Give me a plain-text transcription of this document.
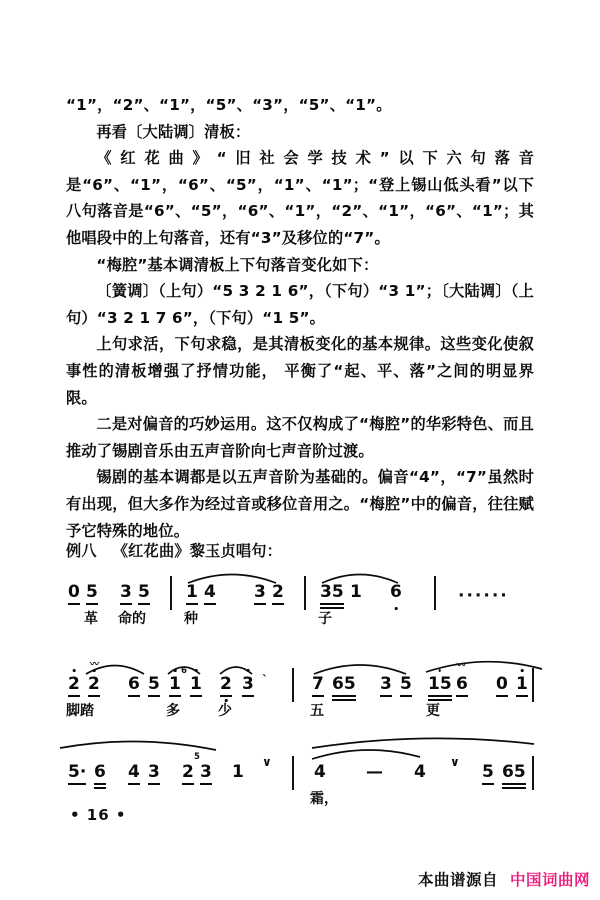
“1”，“2”、“1”，“5”、“3”，“5”、“1”。

再看〔大陆调〕清板：

《红花曲》“旧社会学技术”以下六句落音是“6”、“1”，“6”、“5”，“1”、“1”；“登上锡山低头看”以下八句落音是“6”、“5”，“6”、“1”，“2”、“1”，“6”、“1”；其他唱段中的上句落音，还有“3”及移位的“7”。

“梅腔”基本调清板上下句落音变化如下：

〔簧调〕（上句）“5 3 2 1 6”，（下句）“3 1”；〔大陆调〕（上句）“3 2 1 7 6”，（下句）“1 5”。

上句求活，下句求稳，是其清板变化的基本规律。这些变化使叙事性的清板增强了抒情功能， 平衡了“起、平、落”之间的明显界限。

二是对偏音的巧妙运用。这不仅构成了“梅腔”的华彩特色、而且推动了锡剧音乐由五声音阶向七声音阶过渡。

锡剧的基本调都是以五声音阶为基础的。偏音“4”，“7”虽然时有出现，但大多作为经过音或移位音用之。“梅腔”中的偏音，往往赋予它特殊的地位。

例八 《红花曲》黎玉贞唱句：
0 5 3 5
革 命的
1 4 3 2
种
35 1 6
子
······
2 2
〰
6 5 1
6
1 2 3 ˋ
脚踏	多	少
7 65 3 5 15 6
〰
0 1
五	更
5· 6 4 3 2
5
3 1 ∨ 4 — 4 ∨ 5 65
霜，
• 16 •
本曲谱源自 中国词曲网
